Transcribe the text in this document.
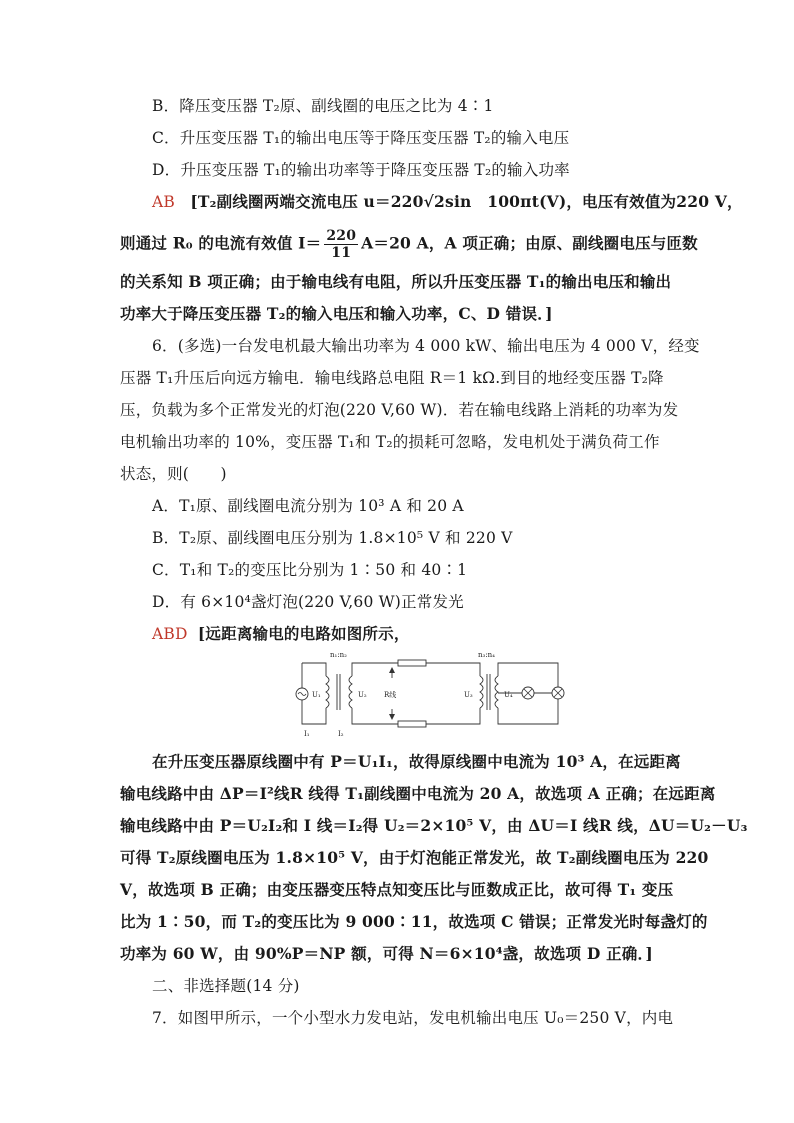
B．降压变压器 T₂原、副线圈的电压之比为 4∶1
C．升压变压器 T₁的输出电压等于降压变压器 T₂的输入电压
D．升压变压器 T₁的输出功率等于降压变压器 T₂的输入功率
AB [T₂副线圈两端交流电压 u＝220√2sin　100πt(V)，电压有效值为220 V，
则通过 R₀ 的电流有效值 $I= \frac{220}{11} A=20$ A，A 项正确；由原、副线圈电压与匝数
的关系知 B 项正确；由于输电线有电阻，所以升压变压器 T₁的输出电压和输出
功率大于降压变压器 T₂的输入电压和输入功率，C、D 错误．]
6．(多选)一台发电机最大输出功率为 4 000 kW、输出电压为 4 000 V，经变
压器 T₁升压后向远方输电．输电线路总电阻 R＝1 kΩ.到目的地经变压器 T₂降
压，负载为多个正常发光的灯泡(220 V,60 W)．若在输电线路上消耗的功率为发
电机输出功率的 10%，变压器 T₁和 T₂的损耗可忽略，发电机处于满负荷工作
状态，则(　　)
A．T₁原、副线圈电流分别为 10³ A 和 20 A
B．T₂原、副线圈电压分别为 1.8×10⁵ V 和 220 V
C．T₁和 T₂的变压比分别为 1∶50 和 40∶1
D．有 6×10⁴盏灯泡(220 V,60 W)正常发光
ABD [远距离输电的电路如图所示，
n₁:n₂	n₃:n₄
U₁	U₂	U₃	U₄
R线
I₁	I₂
在升压变压器原线圈中有 P＝U₁I₁，故得原线圈中电流为 10³ A，在远距离
输电线路中由 ΔP＝I²线R 线得 T₁副线圈中电流为 20 A，故选项 A 正确；在远距离
输电线路中由 P＝U₂I₂和 I 线＝I₂得 U₂＝2×10⁵ V，由 ΔU＝I 线R 线，ΔU＝U₂－U₃
可得 T₂原线圈电压为 1.8×10⁵ V，由于灯泡能正常发光，故 T₂副线圈电压为 220
V，故选项 B 正确；由变压器变压特点知变压比与匝数成正比，故可得 T₁ 变压
比为 1∶50，而 T₂的变压比为 9 000∶11，故选项 C 错误；正常发光时每盏灯的
功率为 60 W，由 90%P＝NP 额，可得 N＝6×10⁴盏，故选项 D 正确．]
二、非选择题(14 分)
7．如图甲所示，一个小型水力发电站，发电机输出电压 U₀＝250 V，内电
